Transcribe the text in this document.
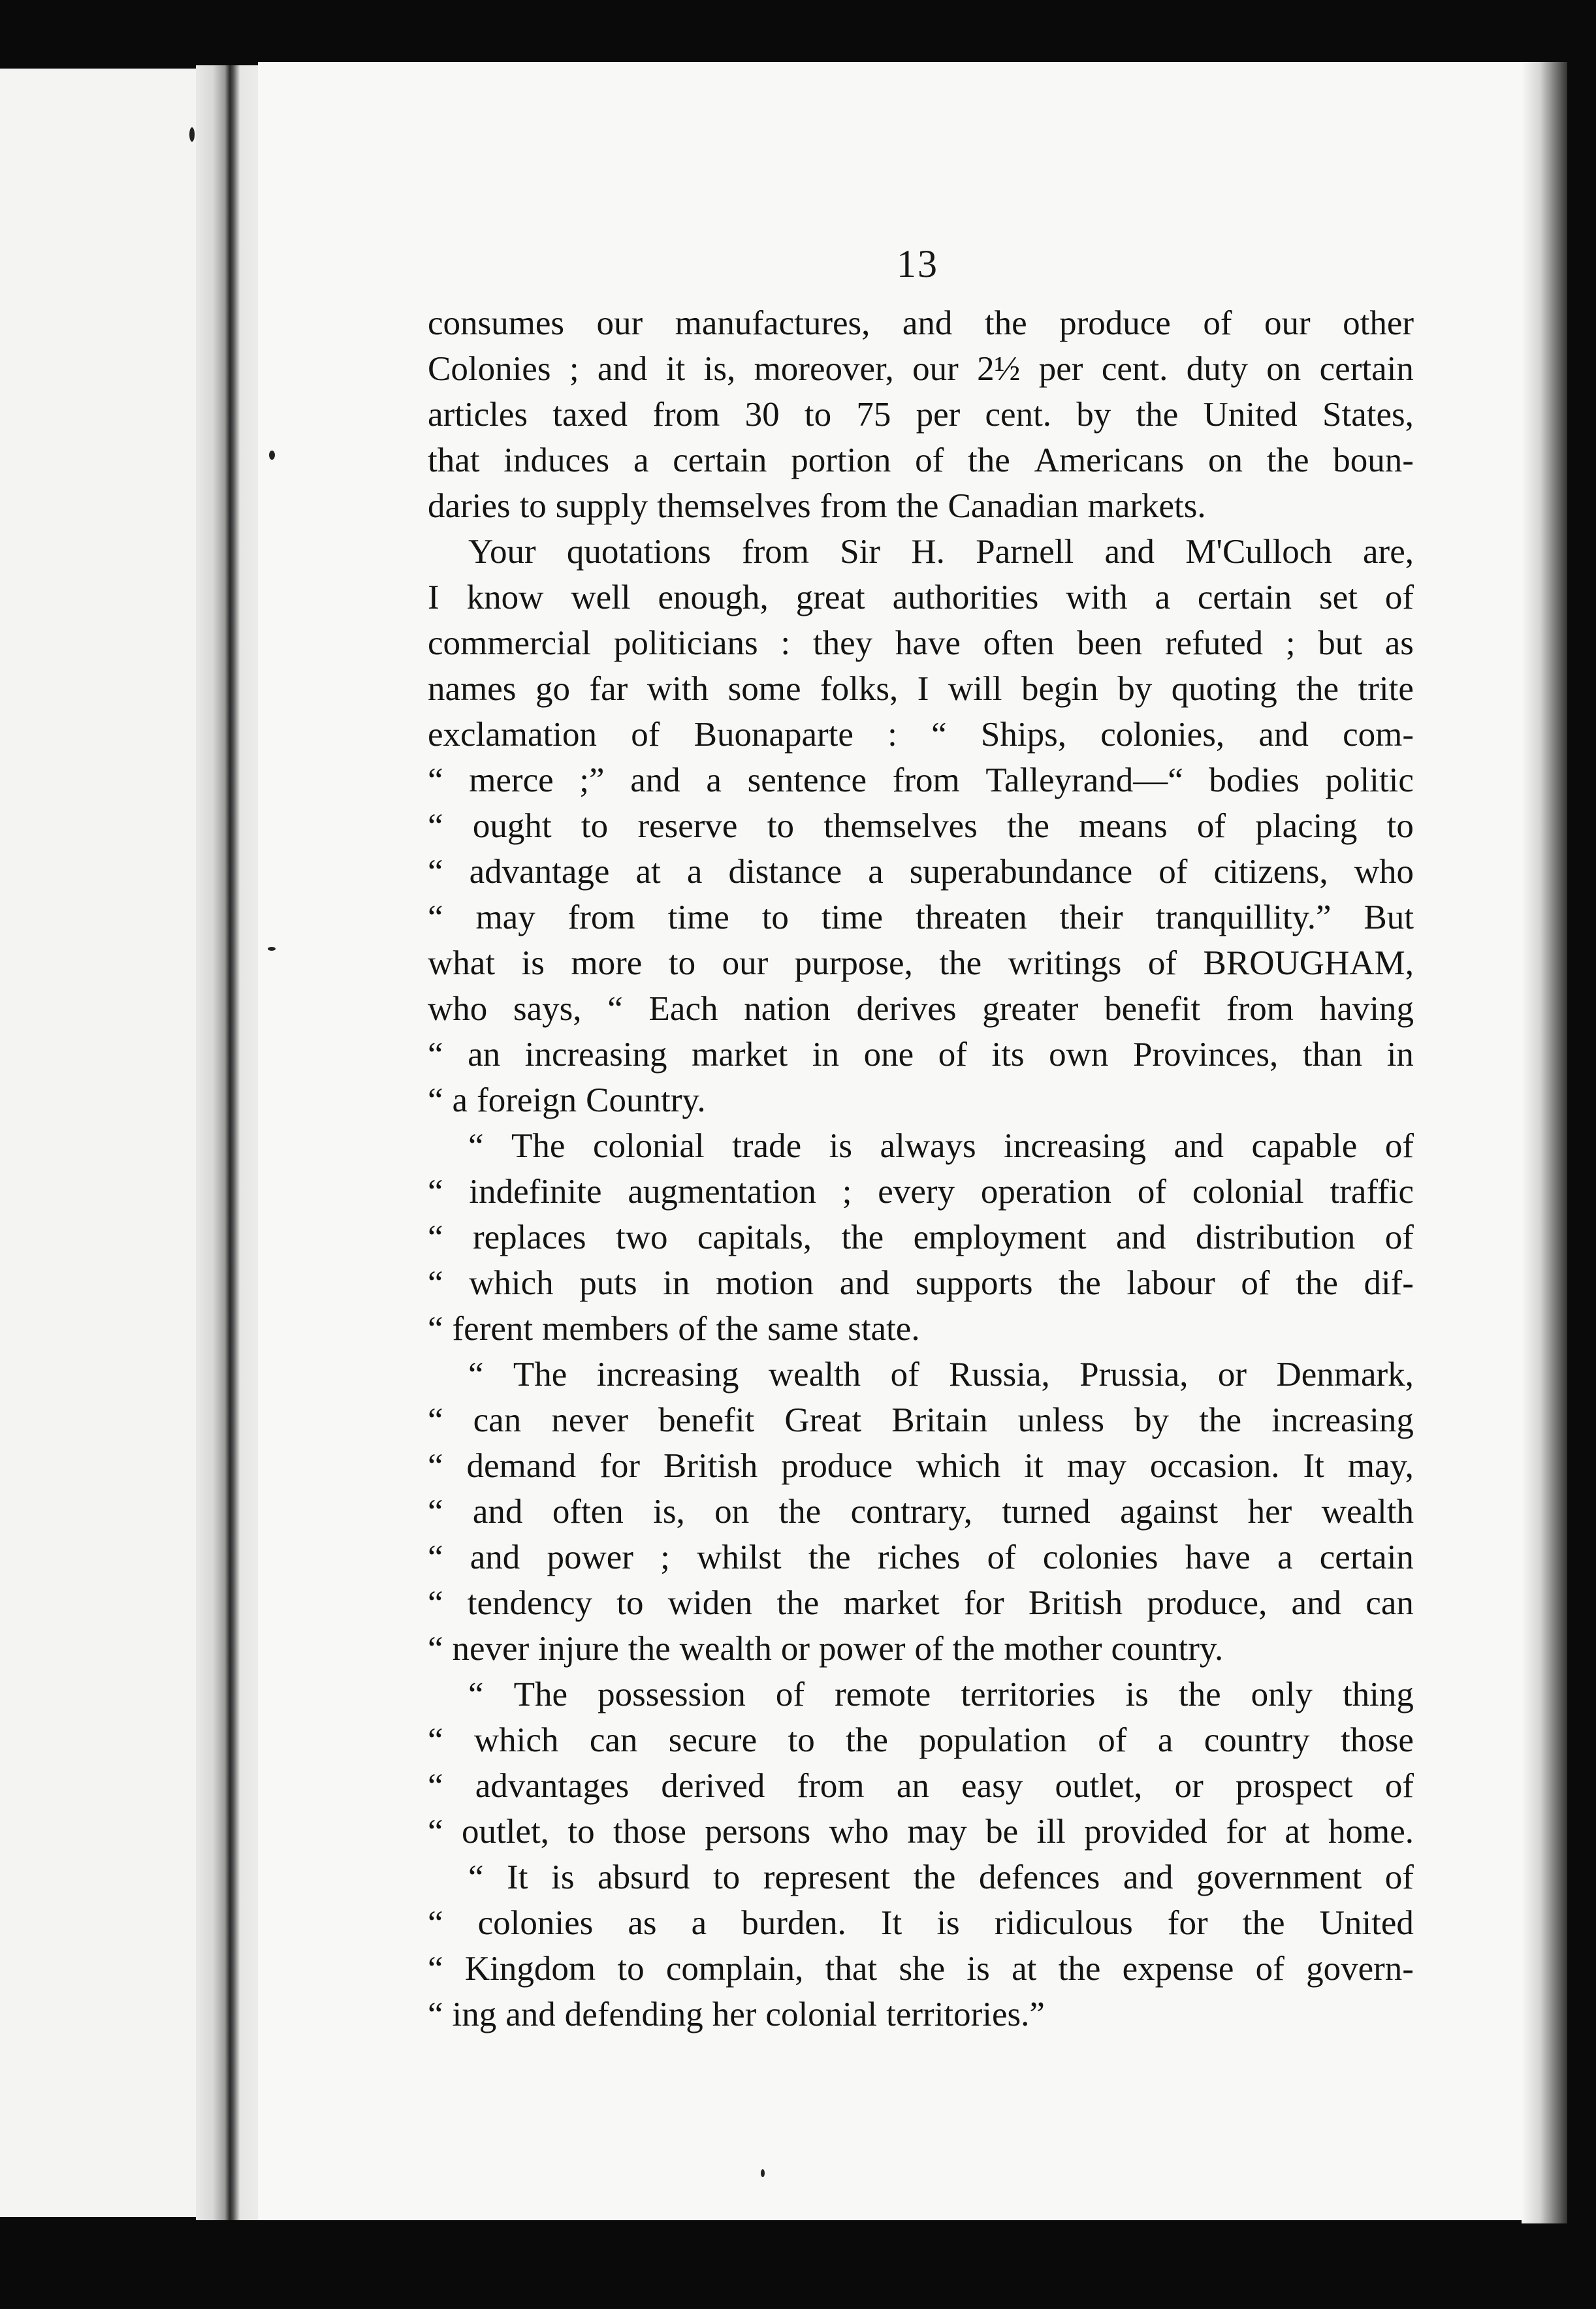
13
consumes our manufactures, and the produce of our other
Colonies ; and it is, moreover, our 2½ per cent. duty on certain
articles taxed from 30 to 75 per cent. by the United States,
that induces a certain portion of the Americans on the boun-
daries to supply themselves from the Canadian markets.
Your quotations from Sir H. Parnell and M'Culloch are,
I know well enough, great authorities with a certain set of
commercial politicians : they have often been refuted ; but as
names go far with some folks, I will begin by quoting the trite
exclamation of Buonaparte : “ Ships, colonies, and com-
“ merce ;” and a sentence from Talleyrand—“ bodies politic
“ ought to reserve to themselves the means of placing to
“ advantage at a distance a superabundance of citizens, who
“ may from time to time threaten their tranquillity.” But
what is more to our purpose, the writings of BROUGHAM,
who says, “ Each nation derives greater benefit from having
“ an increasing market in one of its own Provinces, than in
“ a foreign Country.
“ The colonial trade is always increasing and capable of
“ indefinite augmentation ; every operation of colonial traffic
“ replaces two capitals, the employment and distribution of
“ which puts in motion and supports the labour of the dif-
“ ferent members of the same state.
“ The increasing wealth of Russia, Prussia, or Denmark,
“ can never benefit Great Britain unless by the increasing
“ demand for British produce which it may occasion. It may,
“ and often is, on the contrary, turned against her wealth
“ and power ; whilst the riches of colonies have a certain
“ tendency to widen the market for British produce, and can
“ never injure the wealth or power of the mother country.
“ The possession of remote territories is the only thing
“ which can secure to the population of a country those
“ advantages derived from an easy outlet, or prospect of
“ outlet, to those persons who may be ill provided for at home.
“ It is absurd to represent the defences and government of
“ colonies as a burden. It is ridiculous for the United
“ Kingdom to complain, that she is at the expense of govern-
“ ing and defending her colonial territories.”
